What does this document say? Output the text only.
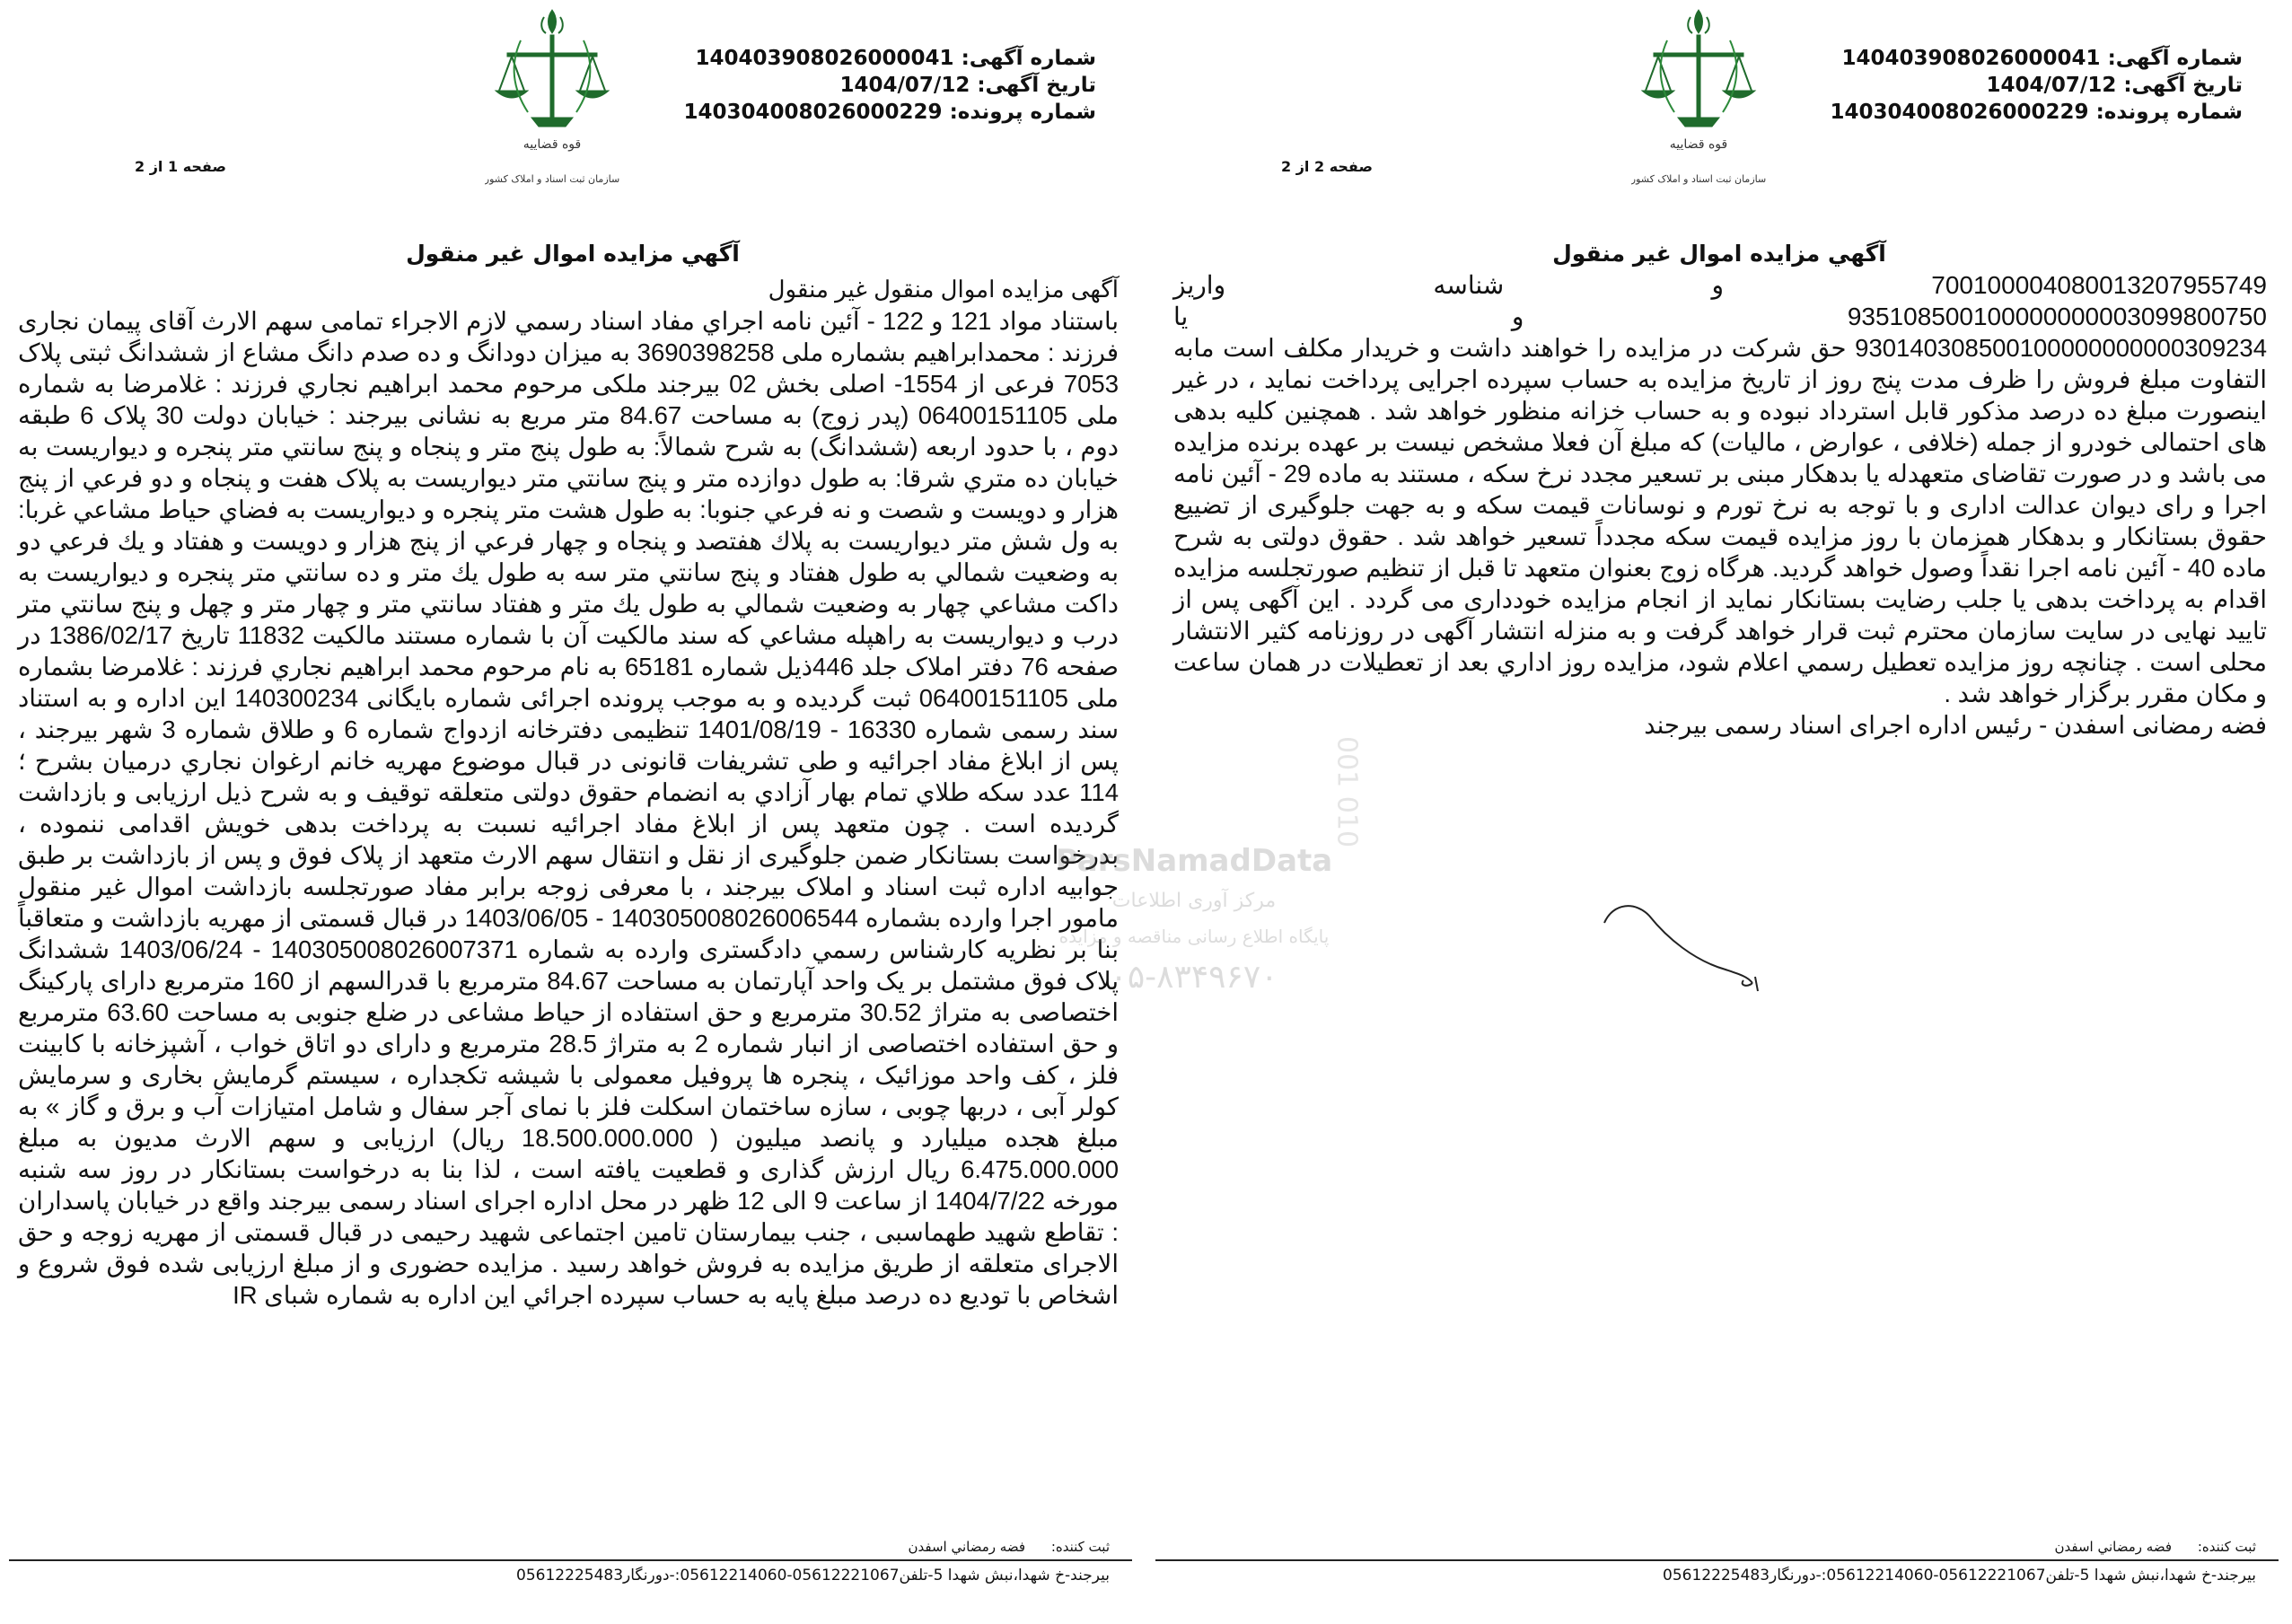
شماره آگهی: 140403908026000041
تاریخ آگهی: 1404/07/12
شماره پرونده: 140304008026000229
قوه قضاییه
سازمان ثبت اسناد و املاک کشور
صفحه 1 از 2
آگهي مزايده اموال غير منقول
آگهی مزایده اموال منقول غیر منقول
باستناد مواد 121 و 122 - آئين نامه اجراي مفاد اسناد رسمي لازم الاجراء تمامی سهم الارث آقای پیمان نجاری فرزند : محمدابراهیم بشماره ملی 3690398258 به میزان دودانگ و ده صدم دانگ مشاع از ششدانگ ثبتی پلاک 7053 فرعی از 1554- اصلی بخش 02 بیرجند ملکی مرحوم محمد ابراهیم نجاري فرزند : غلامرضا به شماره ملی 06400151105 (پدر زوج) به مساحت 84.67 متر مربع به نشانی بیرجند : خيابان دولت 30 پلاک 6 طبقه دوم ، با حدود اربعه (ششدانگ) به شرح شمالاً: به طول پنج متر و پنجاه و پنج سانتي متر پنجره و ديواريست به خيابان ده متري شرقا: به طول دوازده متر و پنج سانتي متر ديواريست به پلاک هفت و پنجاه و دو فرعي از پنج هزار و دويست و شصت و نه فرعي جنوبا: به طول هشت متر پنجره و ديواريست به فضاي حياط مشاعي غربا: به ول شش متر ديواريست به پلاك هفتصد و پنجاه و چهار فرعي از پنج هزار و دويست و هفتاد و يك فرعي دو به وضعيت شمالي به طول هفتاد و پنج سانتي متر سه به طول يك متر و ده سانتي متر پنجره و ديواريست به داكت مشاعي چهار به وضعيت شمالي به طول يك متر و هفتاد سانتي متر و چهار متر و چهل و پنج سانتي متر درب و ديواريست به راهپله مشاعي که سند مالکیت آن با شماره مستند مالکیت 11832 تاریخ 1386/02/17 در صفحه 76 دفتر املاک جلد 446ذیل شماره 65181 به نام مرحوم محمد ابراهيم نجاري فرزند : غلامرضا بشماره ملی 06400151105 ثبت گردیده و به موجب پرونده اجرائی شماره بایگانی 140300234 این اداره و به استناد سند رسمی شماره 16330 - 1401/08/19 تنظیمی دفترخانه ازدواج شماره 6 و طلاق شماره 3 شهر بیرجند ، پس از ابلاغ مفاد اجرائیه و طی تشریفات قانونی در قبال موضوع مهریه خانم ارغوان نجاري درمیان بشرح ؛ 114 عدد سکه طلاي تمام بهار آزادي به انضمام حقوق دولتی متعلقه توقیف و به شرح ذیل ارزیابی و بازداشت گردیده است . چون متعهد پس از ابلاغ مفاد اجرائیه نسبت به پرداخت بدهی خویش اقدامی ننموده ، بدرخواست بستانکار ضمن جلوگیری از نقل و انتقال سهم الارث متعهد از پلاک فوق و پس از بازداشت بر طبق جوابیه اداره ثبت اسناد و املاک بیرجند ، با معرفی زوجه برابر مفاد صورتجلسه بازداشت اموال غیر منقول مامور اجرا وارده بشماره 140305008026006544 - 1403/06/05 در قبال قسمتی از مهریه بازداشت و متعاقباً بنا بر نظریه کارشناس رسمي دادگستری وارده به شماره 140305008026007371 - 1403/06/24 ششدانگ پلاک فوق مشتمل بر یک واحد آپارتمان به مساحت 84.67 مترمربع با قدرالسهم از 160 مترمربع دارای پارکینگ اختصاصی به متراژ 30.52 مترمربع و حق استفاده از حیاط مشاعی در ضلع جنوبی به مساحت 63.60 مترمربع و حق استفاده اختصاصی از انبار شماره 2 به متراژ 28.5 مترمربع و دارای دو اتاق خواب ، آشپزخانه با کابینت فلز ، کف واحد موزائیک ، پنجره ها پروفیل معمولی با شیشه تکجداره ، سیستم گرمایش بخاری و سرمایش کولر آبی ، دربها چوبی ، سازه ساختمان اسکلت فلز با نمای آجر سفال و شامل امتیازات آب و برق و گاز » به مبلغ هجده میلیارد و پانصد میلیون ( 18.500.000.000 ریال) ارزیابی و سهم الارث مدیون به مبلغ 6.475.000.000 ریال ارزش گذاری و قطعیت یافته است ، لذا بنا به درخواست بستانکار در روز سه شنبه مورخه 1404/7/22 از ساعت 9 الی 12 ظهر در محل اداره اجرای اسناد رسمی بیرجند واقع در خیابان پاسداران : تقاطع شهید طهماسبی ، جنب بیمارستان تامین اجتماعی شهید رحیمی در قبال قسمتی از مهریه زوجه و حق الاجرای متعلقه از طریق مزایده به فروش خواهد رسید . مزایده حضوری و از مبلغ ارزیابی شده فوق شروع و اشخاص با تودیع ده درصد مبلغ پایه به حساب سپرده اجرائي این اداره به شماره شبای IR
ثبت کننده: فضه رمضاني اسفدن
بیرجند-خ شهدا،نبش شهدا 5-تلفن05612221067-05612214060:-دورنگار05612225483
شماره آگهی: 140403908026000041
تاریخ آگهی: 1404/07/12
شماره پرونده: 140304008026000229
قوه قضاییه
سازمان ثبت اسناد و املاک کشور
صفحه 2 از 2
آگهي مزايده اموال غير منقول
700100004080013207955749
و
شناسه
واریز
935108500100000000003099800750
و
یا
930140308500100000000000309234 حق شرکت در مزایده را خواهند داشت و خریدار مکلف است مابه التفاوت مبلغ فروش را ظرف مدت پنج روز از تاریخ مزایده به حساب سپرده اجرایی پرداخت نماید ، در غیر اینصورت مبلغ ده درصد مذکور قابل استرداد نبوده و به حساب خزانه منظور خواهد شد . همچنین کلیه بدهی های احتمالی خودرو از جمله (خلافی ، عوارض ، مالیات) که مبلغ آن فعلا مشخص نیست بر عهده برنده مزایده می باشد و در صورت تقاضای متعهدله یا بدهکار مبنی بر تسعیر مجدد نرخ سکه ، مستند به ماده 29 - آئین نامه اجرا و رای دیوان عدالت اداری و با توجه به نرخ تورم و نوسانات قیمت سکه و به جهت جلوگیری از تضییع حقوق بستانکار و بدهکار همزمان با روز مزایده قیمت سکه مجدداً تسعیر خواهد شد . حقوق دولتی به شرح ماده 40 - آئین نامه اجرا نقداً وصول خواهد گردید. هرگاه زوج بعنوان متعهد تا قبل از تنظیم صورتجلسه مزایده اقدام به پرداخت بدهی یا جلب رضایت بستانکار نماید از انجام مزایده خودداری می گردد . این آگهی پس از تایید نهایی در سایت سازمان محترم ثبت قرار خواهد گرفت و به منزله انتشار آگهی در روزنامه کثیر الانتشار محلی است . چنانچه روز مزایده تعطیل رسمي اعلام شود، مزایده روز اداري بعد از تعطیلات در همان ساعت و مکان مقرر برگزار خواهد شد .
فضه رمضانی اسفدن - رئیس اداره اجرای اسناد رسمی بیرجند
ثبت کننده: فضه رمضاني اسفدن
بیرجند-خ شهدا،نبش شهدا 5-تلفن05612221067-05612214060:-دورنگار05612225483
ParsNamadData
مرکز آوری اطلاعات
پایگاه اطلاع رسانی مناقصه و مزایده
۰۵-۸۳۴۹۶۷۰
001 010
